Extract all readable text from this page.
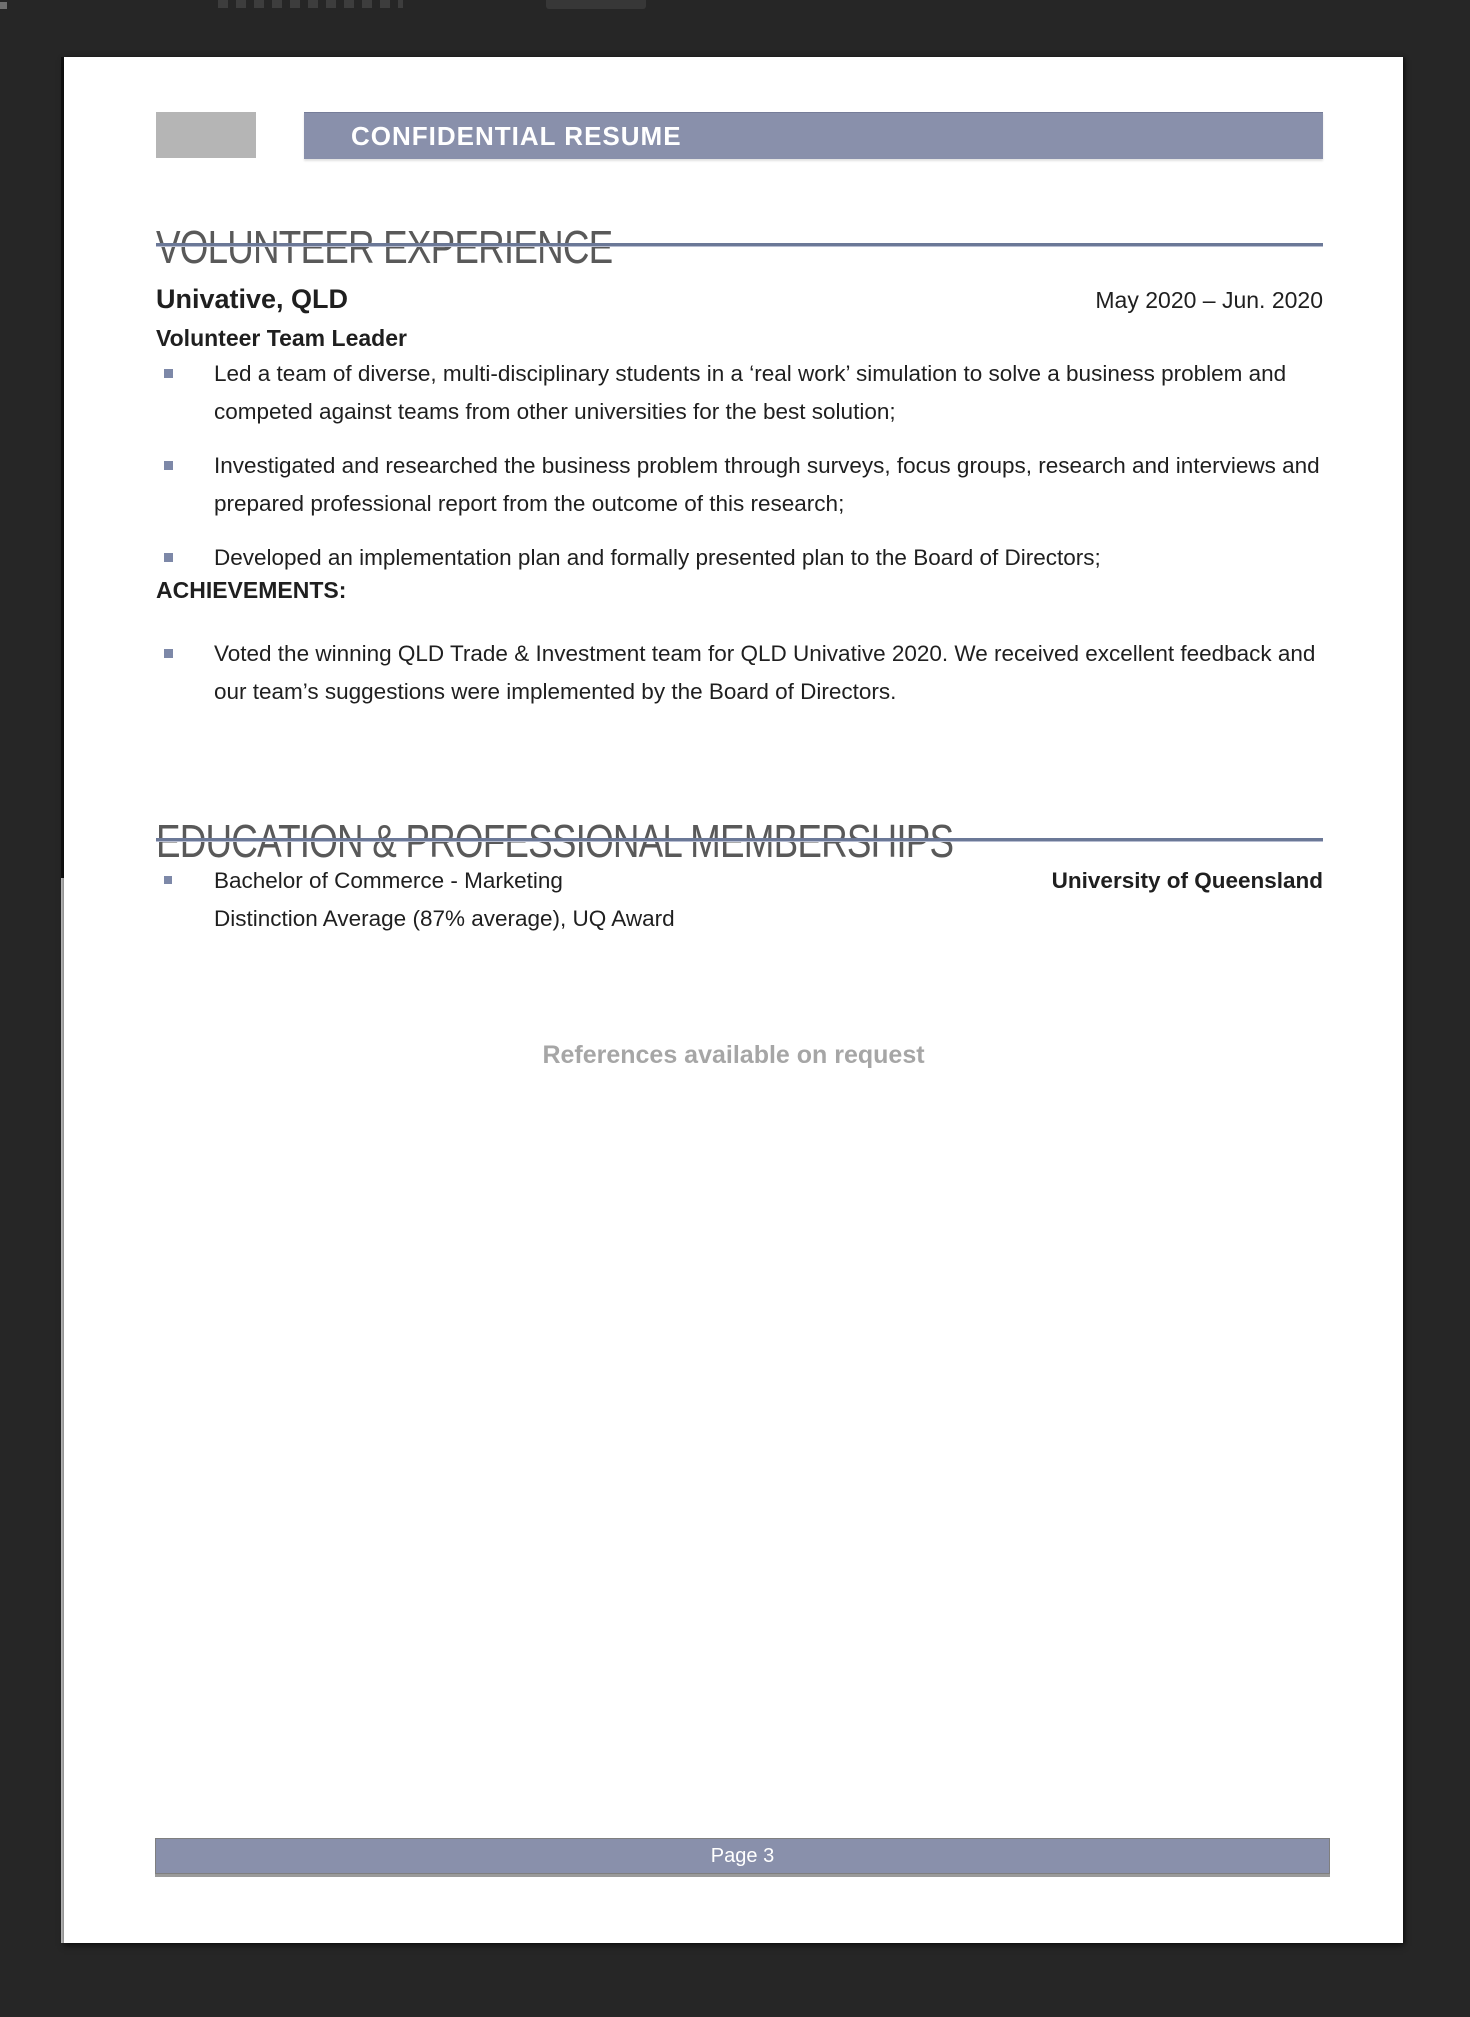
CONFIDENTIAL RESUME
VOLUNTEER EXPERIENCE
Univative, QLD	May 2020 – Jun. 2020
Volunteer Team Leader
Led a team of diverse, multi-disciplinary students in a ‘real work’ simulation to solve a business problem and competed against teams from other universities for the best solution;
Investigated and researched the business problem through surveys, focus groups, research and interviews and prepared professional report from the outcome of this research;
Developed an implementation plan and formally presented plan to the Board of Directors;
ACHIEVEMENTS:
Voted the winning QLD Trade & Investment team for QLD Univative 2020. We received excellent feedback and our team’s suggestions were implemented by the Board of Directors.
EDUCATION & PROFESSIONAL MEMBERSHIPS
Bachelor of Commerce - Marketing	University of Queensland
Distinction Average (87% average), UQ Award
References available on request
Page 3
